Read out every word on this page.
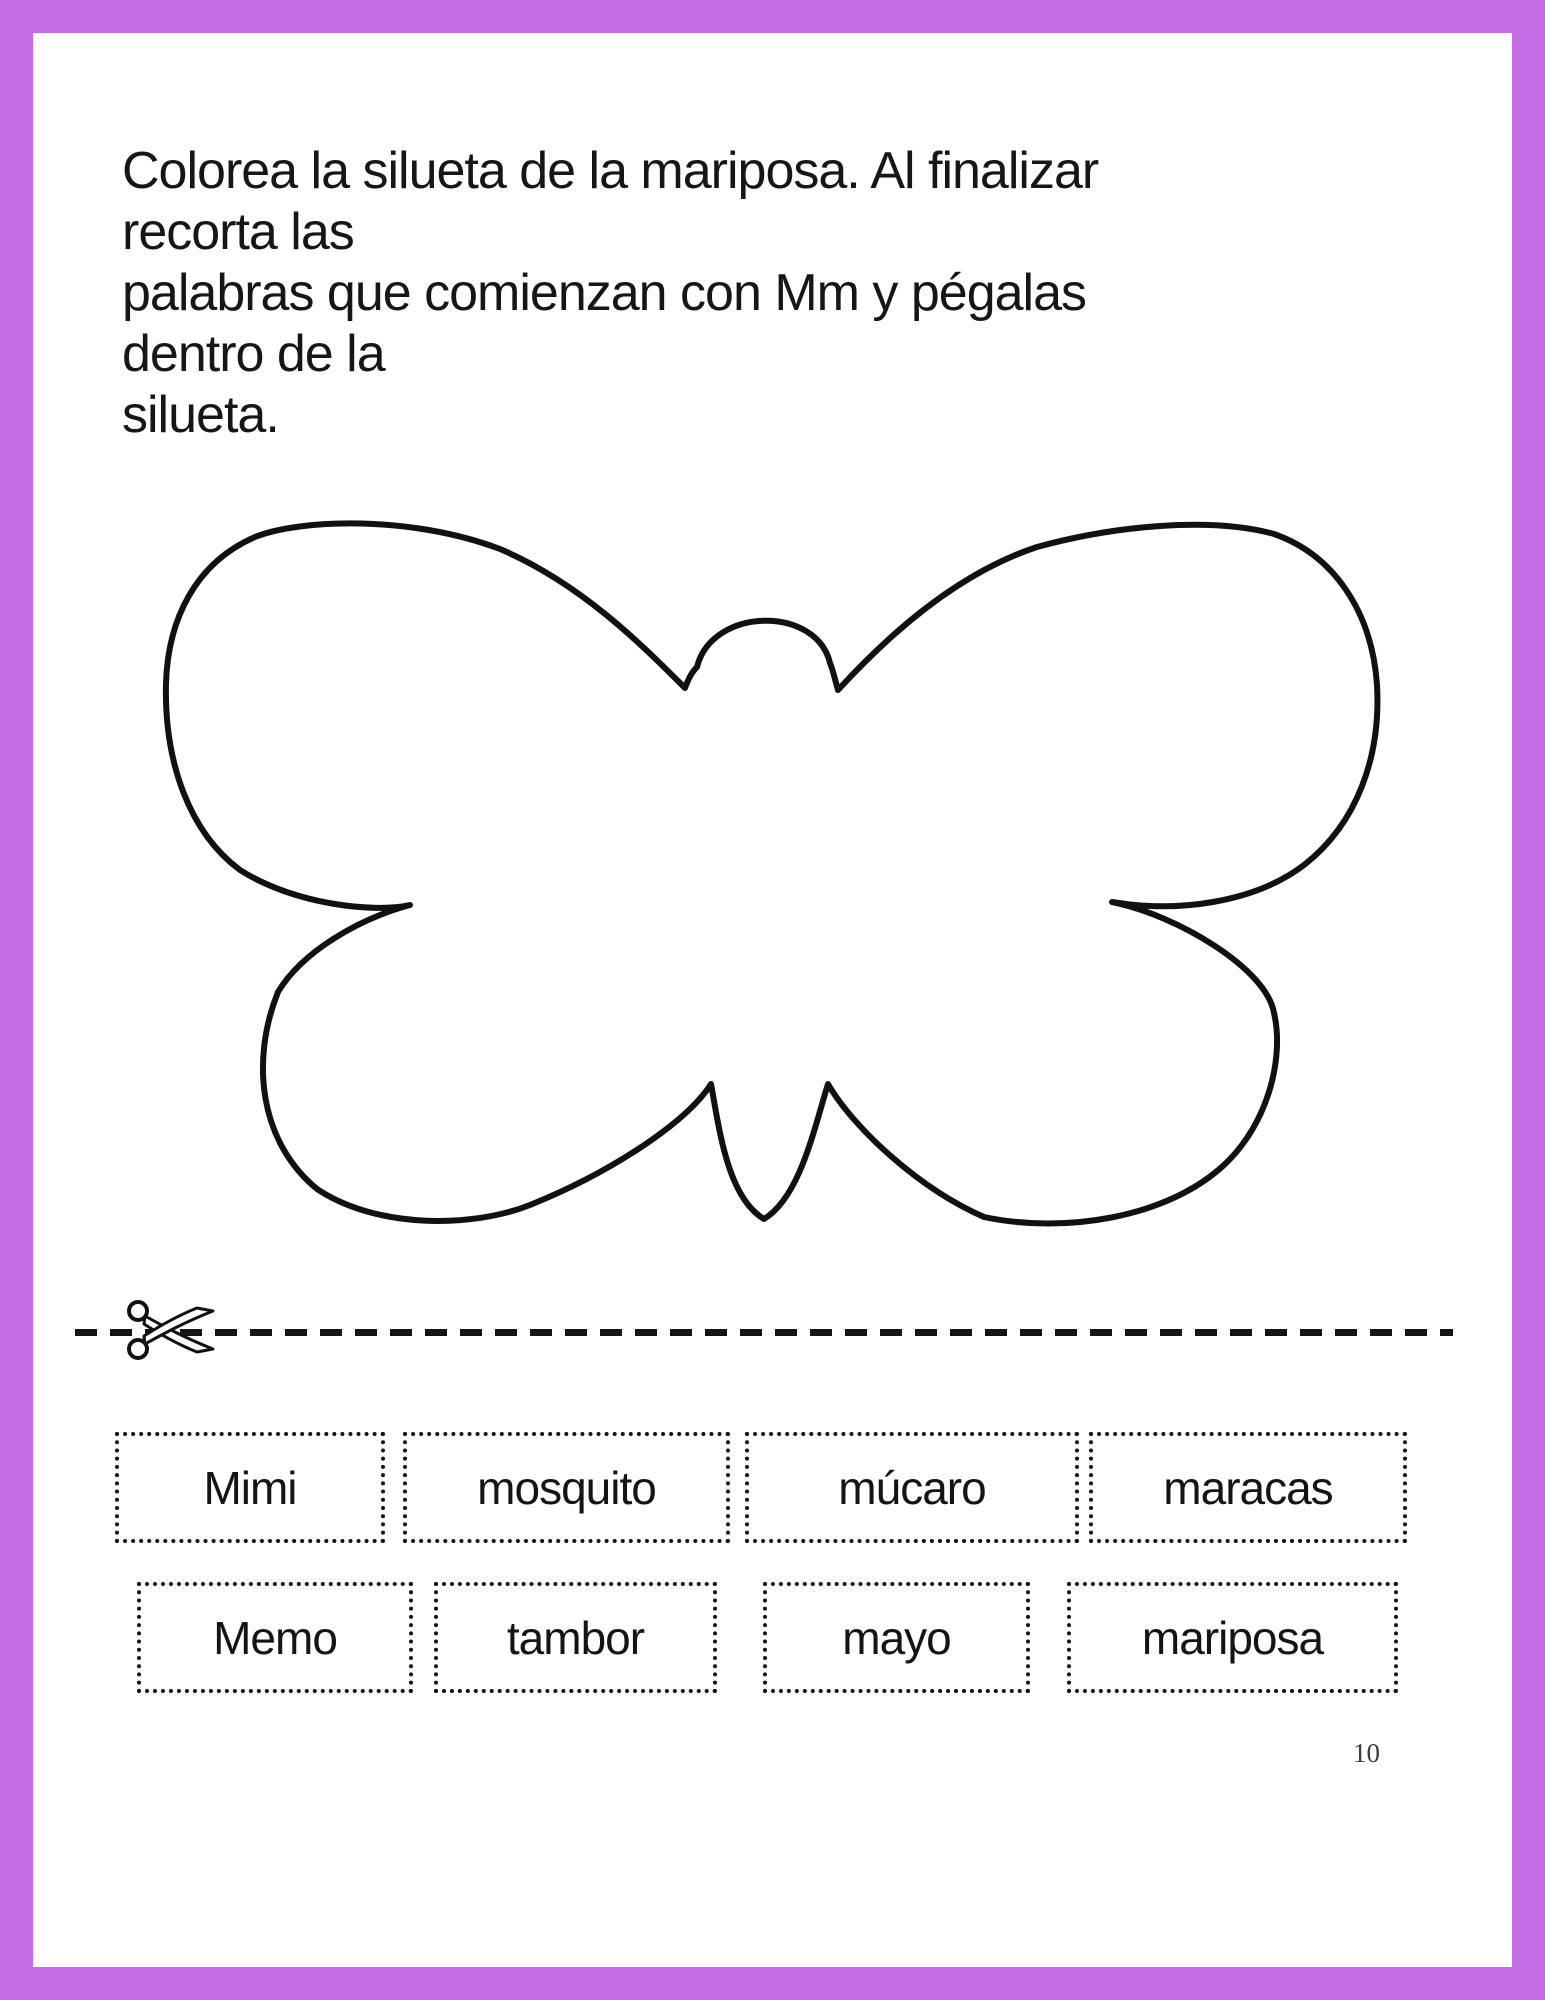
Colorea la silueta de la mariposa. Al finalizar recorta las
palabras que comienzan con Mm y pégalas dentro de la
silueta.
Mimi	mosquito	múcaro	maracas
Memo	tambor	mayo	mariposa
10
